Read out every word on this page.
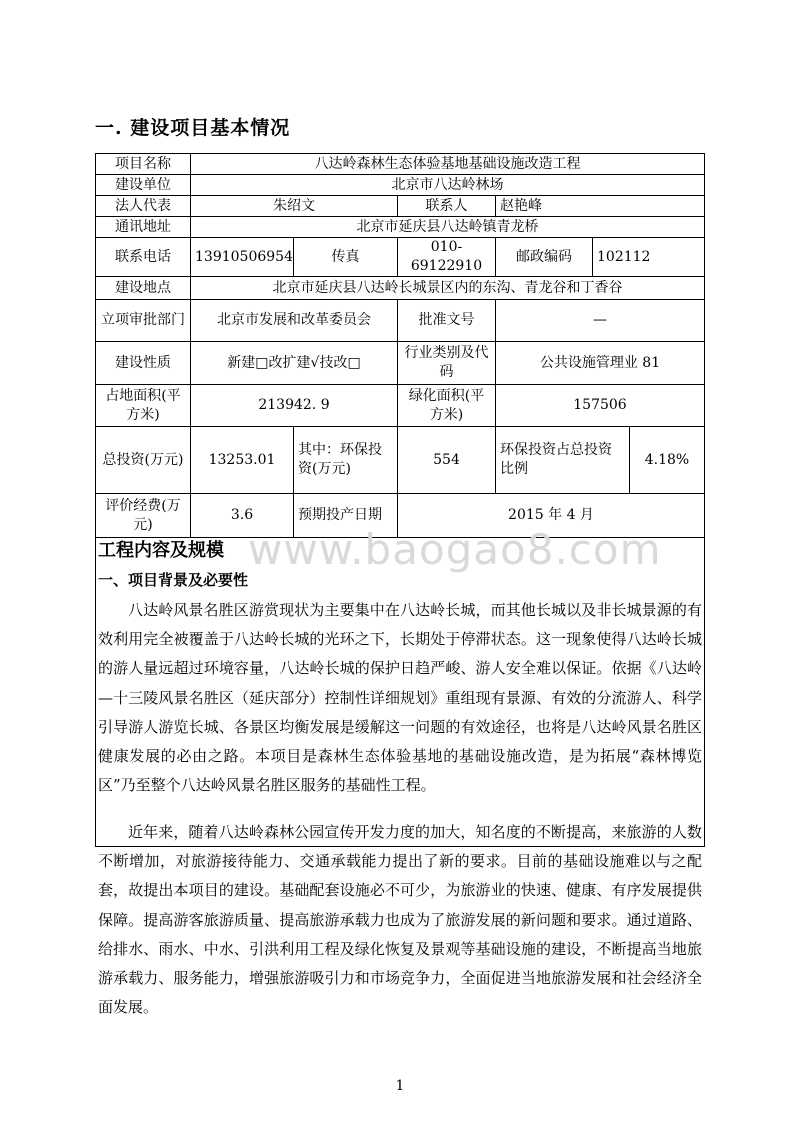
一. 建设项目基本情况
项目名称	八达岭森林生态体验基地基础设施改造工程					
建设单位	北京市八达岭林场					
法人代表	朱绍文		联系人	赵艳峰		
通讯地址	北京市延庆县八达岭镇青龙桥					
联系电话	13910506954	传真	010-69122910	邮政编码	102112	
建设地点	北京市延庆县八达岭长城景区内的东沟、青龙谷和丁香谷					
立项审批部门	北京市发展和改革委员会		批准文号	—		
建设性质	新建□改扩建√技改□		行业类别及代码	公共设施管理业 81		
占地面积(平方米)	213942. 9		绿化面积(平方米)	157506		
总投资(万元)	13253.01	其中：环保投资(万元)	554	环保投资占总投资比例		4.18%
评价经费(万元)	3.6	预期投产日期	2015 年 4 月			
www.baogao8.com
工程内容及规模
一、项目背景及必要性

八达岭风景名胜区游赏现状为主要集中在八达岭长城，而其他长城以及非长城景源的有效利用完全被覆盖于八达岭长城的光环之下，长期处于停滞状态。这一现象使得八达岭长城的游人量远超过环境容量，八达岭长城的保护日趋严峻、游人安全难以保证。依据《八达岭—十三陵风景名胜区（延庆部分）控制性详细规划》重组现有景源、有效的分流游人、科学引导游人游览长城、各景区均衡发展是缓解这一问题的有效途径，也将是八达岭风景名胜区健康发展的必由之路。本项目是森林生态体验基地的基础设施改造，是为拓展“森林博览区”乃至整个八达岭风景名胜区服务的基础性工程。

近年来，随着八达岭森林公园宣传开发力度的加大，知名度的不断提高，来旅游的人数不断增加，对旅游接待能力、交通承载能力提出了新的要求。目前的基础设施难以与之配套，故提出本项目的建设。基础配套设施必不可少，为旅游业的快速、健康、有序发展提供保障。提高游客旅游质量、提高旅游承载力也成为了旅游发展的新问题和要求。通过道路、给排水、雨水、中水、引洪利用工程及绿化恢复及景观等基础设施的建设，不断提高当地旅游承载力、服务能力，增强旅游吸引力和市场竞争力，全面促进当地旅游发展和社会经济全面发展。

1
